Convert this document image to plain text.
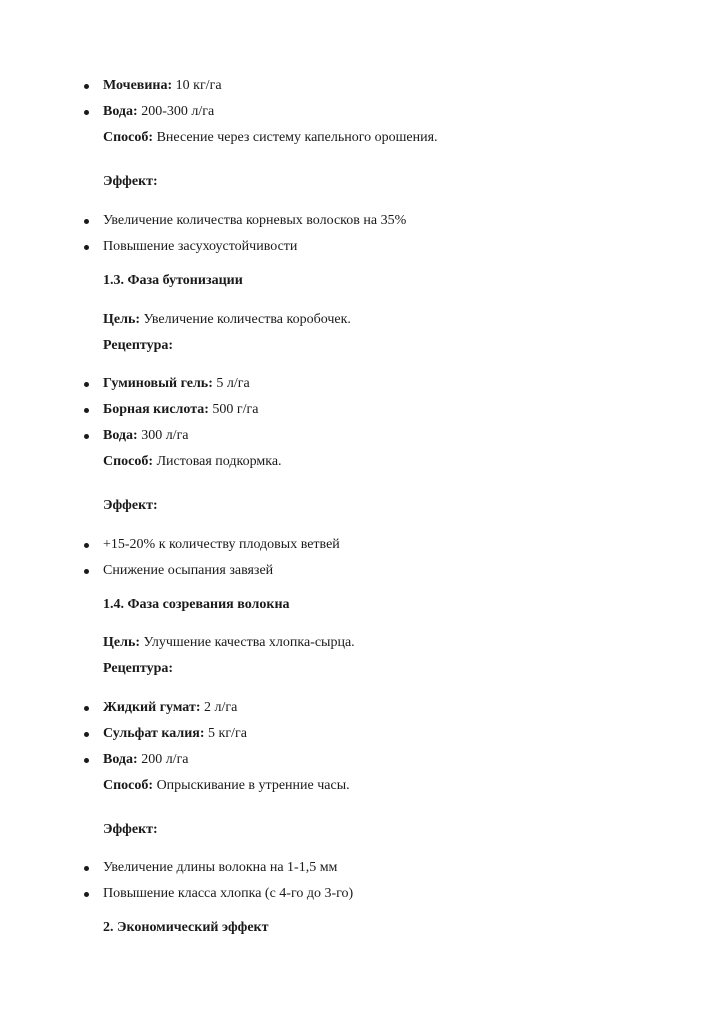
Мочевина: 10 кг/га
Вода: 200-300 л/га
Способ: Внесение через систему капельного орошения.
Эффект:
Увеличение количества корневых волосков на 35%
Повышение засухоустойчивости
1.3. Фаза бутонизации
Цель: Увеличение количества коробочек.
Рецептура:
Гуминовый гель: 5 л/га
Борная кислота: 500 г/га
Вода: 300 л/га
Способ: Листовая подкормка.
Эффект:
+15-20% к количеству плодовых ветвей
Снижение осыпания завязей
1.4. Фаза созревания волокна
Цель: Улучшение качества хлопка-сырца.
Рецептура:
Жидкий гумат: 2 л/га
Сульфат калия: 5 кг/га
Вода: 200 л/га
Способ: Опрыскивание в утренние часы.
Эффект:
Увеличение длины волокна на 1-1,5 мм
Повышение класса хлопка (с 4-го до 3-го)
2. Экономический эффект
